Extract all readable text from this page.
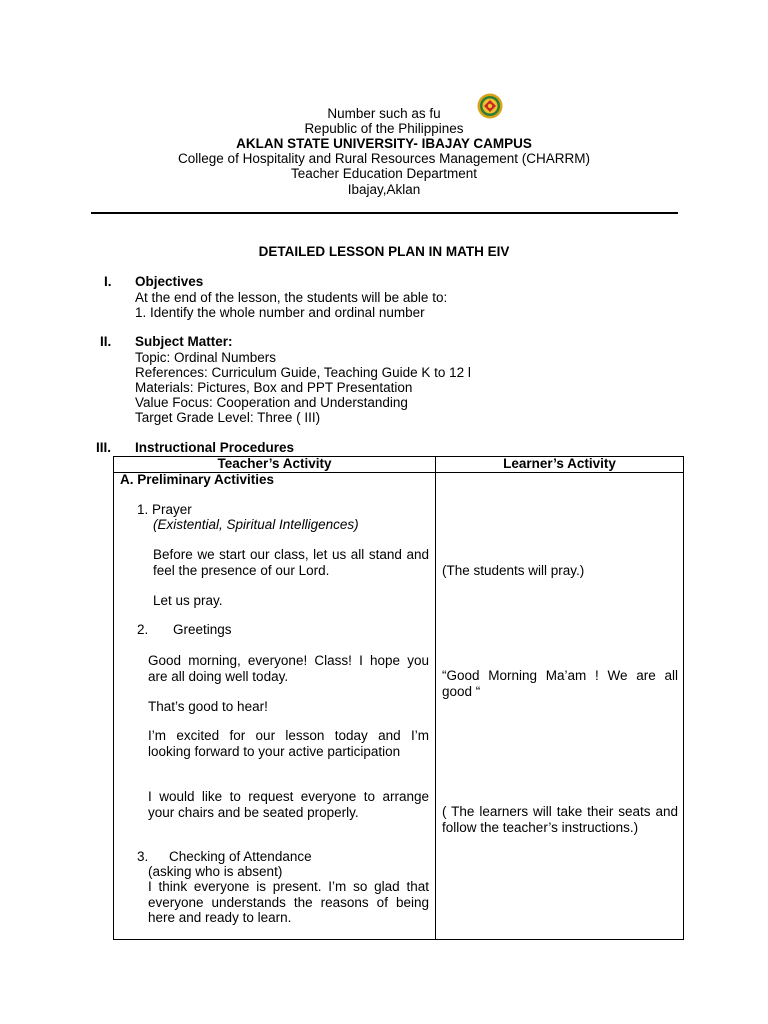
Number such as fu
Republic of the Philippines
AKLAN STATE UNIVERSITY- IBAJAY CAMPUS
College of Hospitality and Rural Resources Management (CHARRM)
Teacher Education Department
Ibajay,Aklan
DETAILED LESSON PLAN IN MATH EIV
I. Objectives
At the end of the lesson, the students will be able to:
1. Identify the whole number and ordinal number
II. Subject Matter:
Topic: Ordinal Numbers
References: Curriculum Guide, Teaching Guide K to 12 l
Materials: Pictures, Box and PPT Presentation
Value Focus: Cooperation and Understanding
Target Grade Level: Three ( III)
III. Instructional Procedures
Teacher’s Activity	Learner’s Activity
A. Preliminary Activities
1. Prayer
(Existential, Spiritual Intelligences)
Before we start our class, let us all stand and feel the presence of our Lord.	(The students will pray.)
Let us pray.
2. Greetings
Good morning, everyone! Class! I hope you are all doing well today.	“Good Morning Ma’am ! We are all good “
That’s good to hear!
I’m excited for our lesson today and I’m looking forward to your active participation
I would like to request everyone to arrange your chairs and be seated properly.	( The learners will take their seats and follow the teacher’s instructions.)
3. Checking of Attendance
(asking who is absent)
I think everyone is present. I’m so glad that everyone understands the reasons of being here and ready to learn.
